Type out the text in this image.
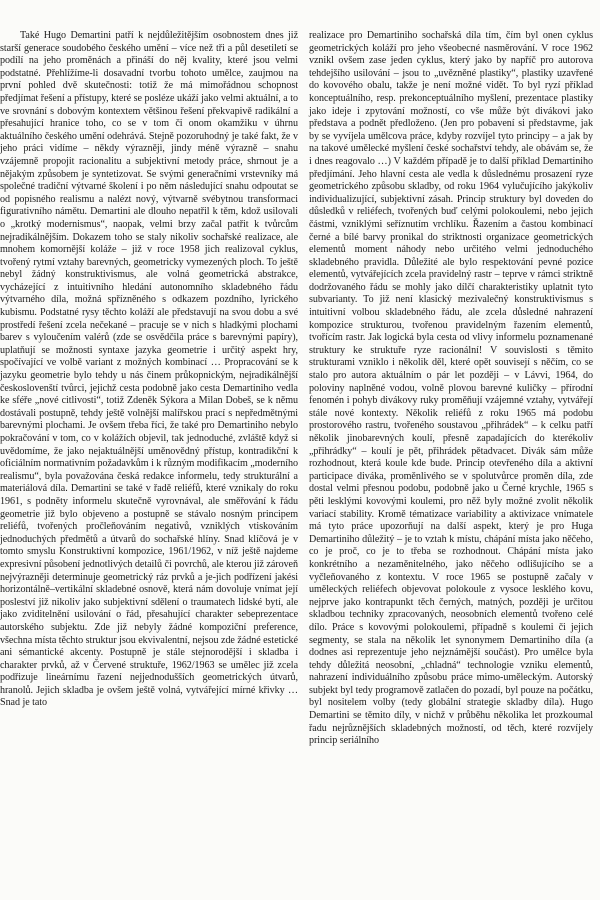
Také Hugo Demartini patří k nejdůležitějším osobnostem dnes již starší generace soudobého českého umění – více než tři a půl desetiletí se podílí na jeho proměnách a přináší do něj kvality, které jsou velmi podstatné. Přehlížíme-li dosavadní tvorbu tohoto umělce, zaujmou na první pohled dvě skutečnosti: totiž že má mimořádnou schopnost předjímat řešení a přístupy, které se posléze ukáží jako velmi aktuální, a to ve srovnání s dobovým kontextem většinou řešení překvapivě radikální a přesahující hranice toho, co se v tom či onom okamžiku v úhrnu aktuálního českého umění odehrává. Stejně pozoruhodný je také fakt, že v jeho práci vidíme – někdy výrazněji, jindy méně výrazně – snahu vzájemně propojit racionalitu a subjektivní metody práce, shrnout je a nějakým způsobem je syntetizovat. Se svými generačními vrstevníky má společné tradiční výtvarné školení i po něm následující snahu odpoutat se od popisného realismu a nalézt nový, výtvarně svébytnou transformaci figurativního námětu. Demartini ale dlouho nepatřil k těm, kdož usilovali o „krotký modernismus“, naopak, velmi brzy začal patřit k tvůrcům nejradikálnějším. Dokazem toho se staly nikoliv sochařské realizace, ale mnohem komornější koláže – již v roce 1958 jich realizoval cyklus, tvořený rytmí vztahy barevných, geometricky vymezených ploch. To ještě nebyl žádný konstruktivismus, ale volná geometrická abstrakce, vycházející z intuitivního hledání autonomního skladebného řádu výtvarného díla, možná spřízněného s odkazem pozdního, lyrického kubismu. Podstatné rysy těchto koláží ale představují na svou dobu a své prostředí řešení zcela nečekané – pracuje se v nich s hladkými plochami barev s vyloučením valérů (zde se osvědčila práce s barevnými papíry), uplatňují se možnosti syntaxe jazyka geometrie i určitý aspekt hry, spočívající ve volbě variant z možných kombinací … Propracování se k jazyku geometrie bylo tehdy u nás činem průkopnickým, nejradikálnější českoslovenští tvůrci, jejichž cesta podobně jako cesta Demartiniho vedla ke sféře „nové citlivosti“, totiž Zdeněk Sýkora a Milan Dobeš, se k němu dostávali postupně, tehdy ještě volnější malířskou prací s nepředmětnými barevnými plochami. Je ovšem třeba říci, že také pro Demartiniho nebylo pokračování v tom, co v kolážích objevil, tak jednoduché, zvláště když si uvědomíme, že jako nejaktuálnější uměnovědný přístup, kontradikční k oficiálním normativním požadavkům i k různým modifikacím „moderního realismu“, byla považována česká redakce informelu, tedy strukturální a materiálová díla. Demartini se také v řadě reliéfů, které vznikaly do roku 1961, s podněty informelu skutečně vyrovnával, ale směřování k řádu geometrie již bylo objeveno a postupně se stávalo nosným principem reliéfů, tvořených pročleňováním negativů, vzniklých vtiskováním jednoduchých předmětů a útvarů do sochařské hlíny. Snad klíčová je v tomto smyslu Konstruktivní kompozice, 1961/1962, v níž ještě najdeme expresivní působení jednotlivých detailů či povrchů, ale kterou již zároveň nejvýrazněji determinuje geometrický ráz prvků a je-jich podřízení jakési horizontálně–vertikální skladebné osnově, která nám dovoluje vnímat její posleství již nikoliv jako subjektivní sdělení o traumatech lidské bytí, ale jako zviditelnění usilování o řád, přesahující charakter sebeprezentace autorského subjektu. Zde již nebyly žádné kompoziční preference, všechna místa těchto struktur jsou ekvivalentní, nejsou zde žádné estetické ani sémantické akcenty. Postupně je stále stejnorodější i skladba i charakter prvků, až v Červené struktuře, 1962/1963 se umělec již zcela podřizuje lineárnímu řazení nejjednodušších geometrických útvarů, hranolů. Jejich skladba je ovšem ještě volná, vytvářející mírné křivky … Snad je tato

realizace pro Demartiniho sochařská díla tím, čím byl onen cyklus geometrických koláží pro jeho všeobecné nasměrování. V roce 1962 vznikl ovšem zase jeden cyklus, který jako by napříč pro autorova tehdejšího usilování – jsou to „uvězněné plastiky“, plastiky uzavřené do kovového obalu, takže je není možné vidět. To byl ryzí příklad konceptuálního, resp. prekonceptuálního myšlení, prezentace plastiky jako ideje i zpytování možností, co vše může být divákovi jako představa a podnět předloženo. (Jen pro pobavení si představme, jak by se vyvíjela umělcova práce, kdyby rozvíjel tyto principy – a jak by na takové umělecké myšlení české sochařství tehdy, ale obávám se, že i dnes reagovalo …) V každém případě je to další příklad Demartiniho předjímání. Jeho hlavní cesta ale vedla k důslednému prosazení ryze geometrického způsobu skladby, od roku 1964 vylučujícího jakýkoliv individualizující, subjektivní zásah. Princip struktury byl doveden do důsledků v reliéfech, tvořených buď celými polokoulemi, nebo jejich částmi, vzniklými seříznutím vrchlíku. Řazením a častou kombinací černé a bílé barvy pronikal do striktnosti organizace geometrických elementů moment náhody nebo určitého velmi jednoduchého skladebného pravidla. Důležité ale bylo respektování pevné pozice elementů, vytvářejících zcela pravidelný rastr – teprve v rámci striktně dodržovaného řádu se mohly jako dílčí charakteristiky uplatnit tyto subvarianty. To již není klasický mezivalečný konstruktivismus s intuitivní volbou skladebného řádu, ale zcela důsledné nahrazení kompozice strukturou, tvořenou pravidelným řazením elementů, tvořícím rastr. Jak logická byla cesta od vlivy informelu poznamenané struktury ke struktuře ryze racionální! V souvislosti s těmito strukturami vzniklo i několik děl, které opět souvisejí s něčím, co se stalo pro autora aktuálním o pár let později – v Lávvi, 1964, do poloviny naplněné vodou, volně plovou barevné kuličky – přírodní fenomén i pohyb divákovy ruky proměňují vzájemné vztahy, vytvářejí stále nové kontexty. Několik reliéfů z roku 1965 má podobu prostorového rastru, tvořeného soustavou „přihrádek“ – k celku patří několik jinobarevných koulí, přesně zapadajících do kterékoliv „přihrádky“ – koulí je pět, přihrádek pětadvacet. Divák sám může rozhodnout, která koule kde bude. Princip otevřeného díla a aktivní participace diváka, proměnlivého se v spolutvůrce proměn díla, zde dostal velmi přesnou podobu, podobně jako u Černé krychle, 1965 s pěti lesklými kovovými koulemi, pro něž byly možné zvolit několik variací stability. Kromě tématizace variability a aktivizace vnímatele má tyto práce upozorňují na další aspekt, který je pro Huga Demartiniho důležitý – je to vztah k místu, chápání místa jako něčeho, co je proč, co je to třeba se rozhodnout. Chápání místa jako konkrétního a nezaměnitelného, jako něčeho odlišujícího se a vyčleňovaného z kontextu. V roce 1965 se postupně začaly v uměleckých reliéfech objevovat polokoule z vysoce lesklého kovu, nejprve jako kontrapunkt těch černých, matných, později je určitou skladbou techniky zpracovaných, neosobních elementů tvořeno celé dílo. Práce s kovovými polokoulemi, případně s koulemi či jejich segmenty, se stala na několik let synonymem Demartiniho díla (a dodnes asi reprezentuje jeho nejznámější součást). Pro umělce byla tehdy důležitá neosobní, „chladná“ technologie vzniku elementů, nahrazení individuálního způsobu práce mimo-uměleckým. Autorský subjekt byl tedy programově zatlačen do pozadí, byl pouze na počátku, byl nositelem volby (tedy globální strategie skladby díla). Hugo Demartini se těmito díly, v nichž v průběhu několika let prozkoumal řadu nejrůznějších skladebných možností, od těch, které rozvíjely princip seriálního
